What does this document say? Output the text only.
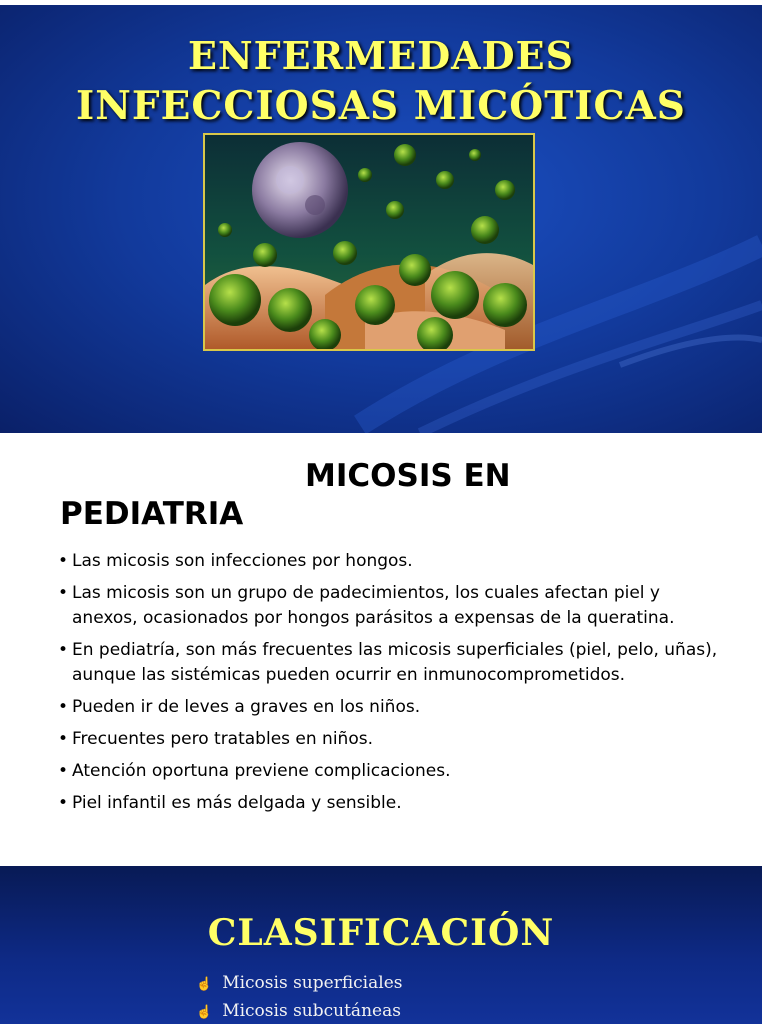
ENFERMEDADES
INFECCIOSAS MICÓTICAS
MICOSIS EN
PEDIATRIA
• Las micosis son infecciones por hongos.
• Las micosis son un grupo de padecimientos, los cuales afectan piel y anexos, ocasionados por hongos parásitos a expensas de la queratina.
• En pediatría, son más frecuentes las micosis superficiales (piel, pelo, uñas), aunque las sistémicas pueden ocurrir en inmunocomprometidos.
• Pueden ir de leves a graves en los niños.
• Frecuentes pero tratables en niños.
• Atención oportuna previene complicaciones.
• Piel infantil es más delgada y sensible.
CLASIFICACIÓN
☝ Micosis superficiales
☝ Micosis subcutáneas
